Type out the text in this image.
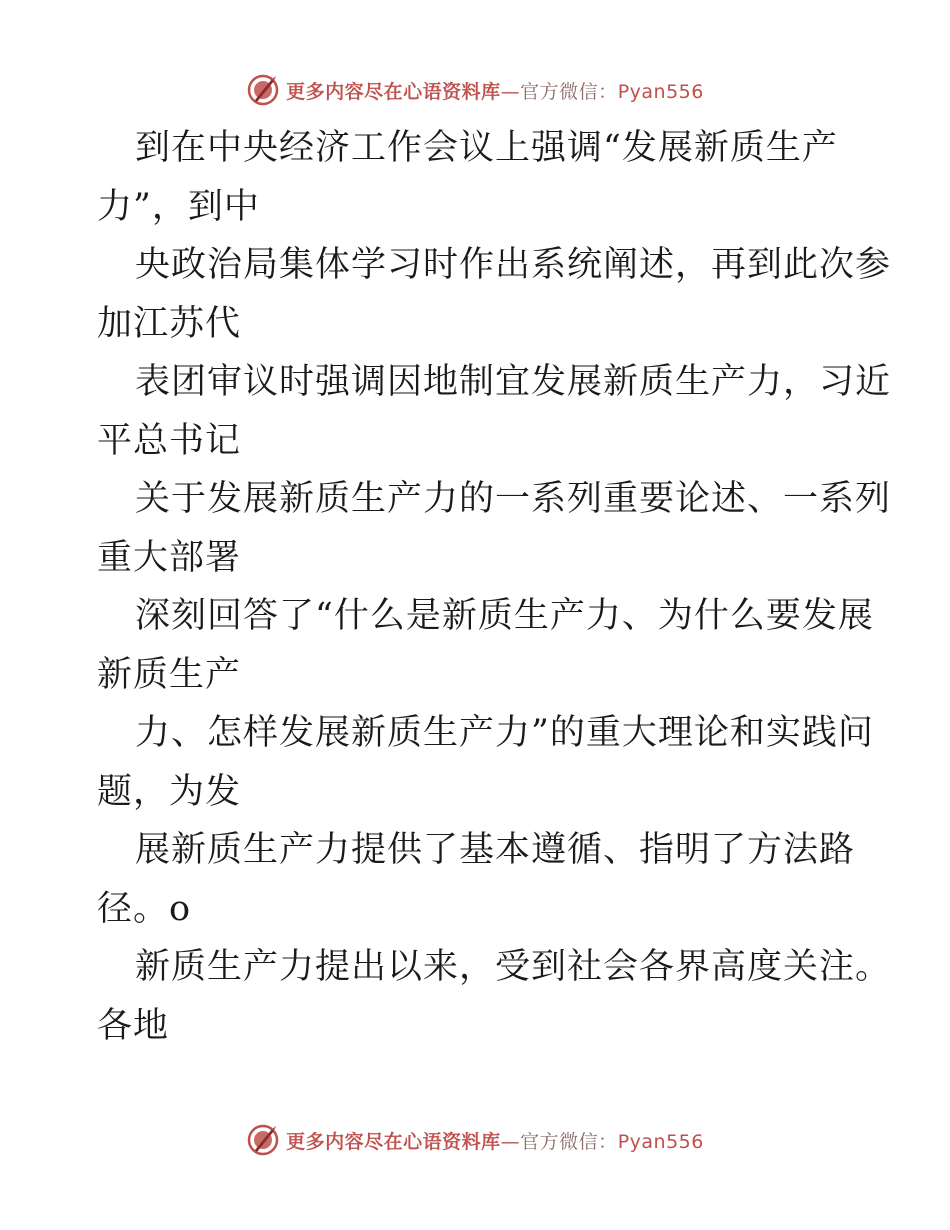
更多内容尽在心语资料库—官方微信：Pyan556
到在中央经济工作会议上强调“发展新质生产
力”，到中
央政治局集体学习时作出系统阐述，再到此次参
加江苏代
表团审议时强调因地制宜发展新质生产力，习近
平总书记
关于发展新质生产力的一系列重要论述、一系列
重大部署
深刻回答了“什么是新质生产力、为什么要发展
新质生产
力、怎样发展新质生产力”的重大理论和实践问
题，为发
展新质生产力提供了基本遵循、指明了方法路
径。o
新质生产力提出以来，受到社会各界高度关注。
各地
更多内容尽在心语资料库—官方微信：Pyan556
